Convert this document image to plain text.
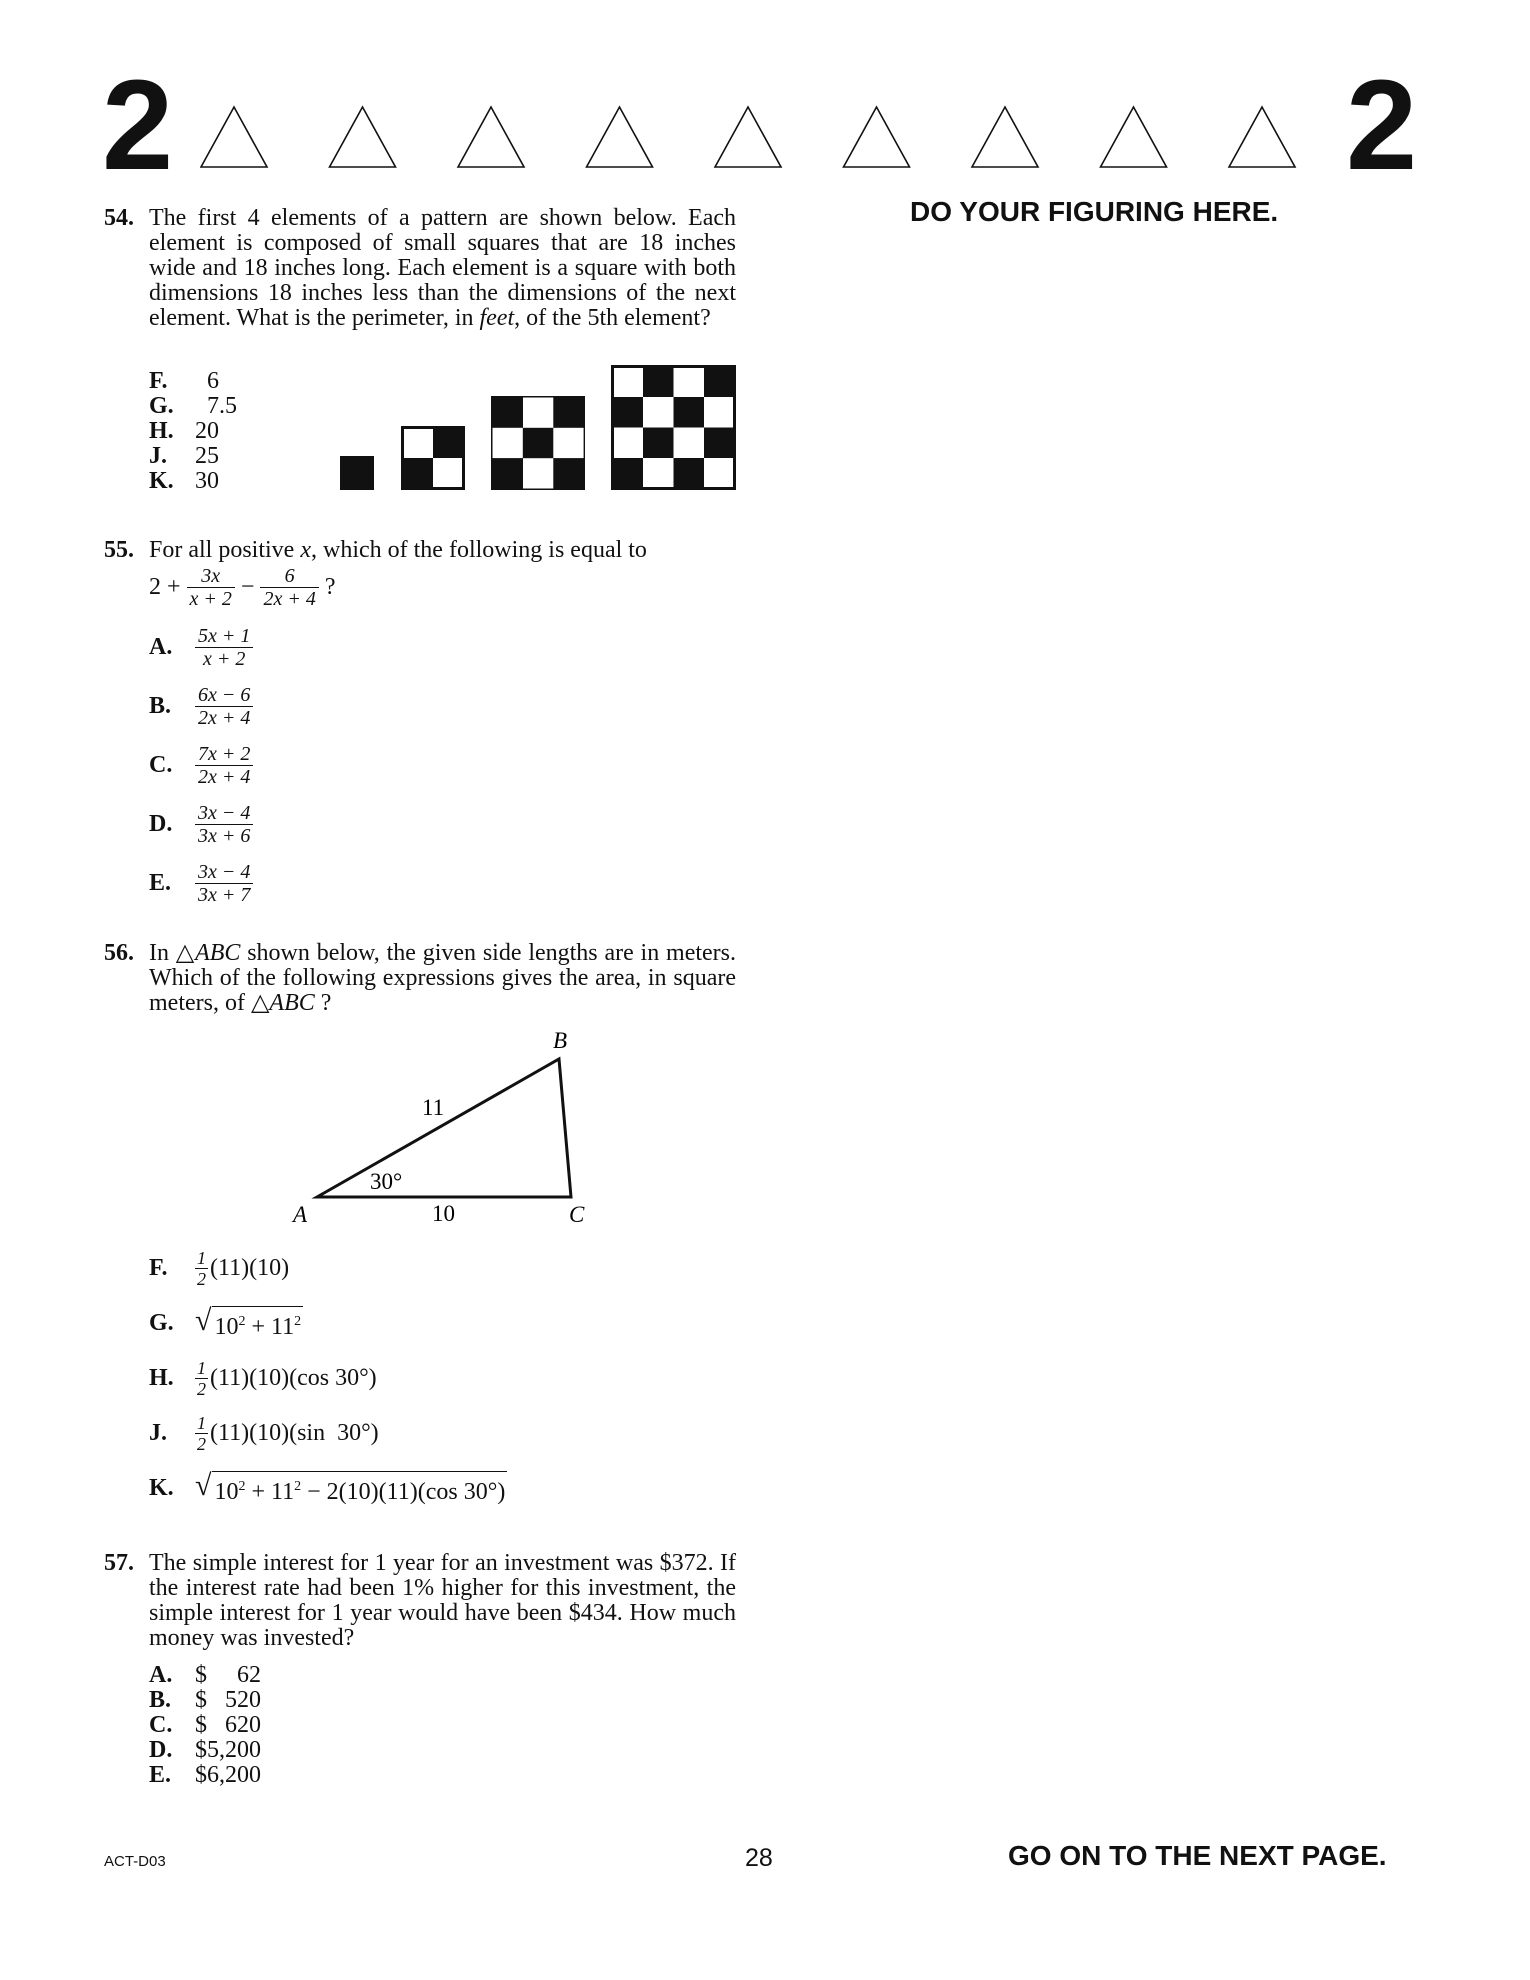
2	2
DO YOUR FIGURING HERE.
54. The first 4 elements of a pattern are shown below. Each element is composed of small squares that are 18 inches wide and 18 inches long. Each element is a square with both dimensions 18 inches less than the dimensions of the next element. What is the perimeter, in feet, of the 5th element?
F.  6
G.  7.5
H. 20
J. 25
K. 30
55. For all positive x, which of the following is equal to
$2 + \frac{3x}{x + 2} - \frac{6}{2x + 4}$ ?
A.	$\frac{5x + 1}{x + 2}$
B.	$\frac{6x - 6}{2x + 4}$
C.	$\frac{7x + 2}{2x + 4}$
D.	$\frac{3x - 4}{3x + 6}$
E.	$\frac{3x - 4}{3x + 7}$
56. In △ABC shown below, the given side lengths are in meters. Which of the following expressions gives the area, in square meters, of △ABC ?
A
B
C
11
10
30°
F.	$\frac{1}{2} (11)(10)$
G. √ $10^2 + 11^2$
H.	$\frac{1}{2} (11)(10)(\cos$ 30°)
J.	$\frac{1}{2} (11)(10)(\sin$  30°)
K. √ $10^2 + 11^2 - 2(10)(11)(\cos$ 30°)
57. The simple interest for 1 year for an investment was $372. If the interest rate had been 1% higher for this investment, the simple interest for 1 year would have been $434. How much money was invested?
A. $     62
B. $   520
C. $   620
D. $5,200
E. $6,200
ACT-D03	28	GO ON TO THE NEXT PAGE.
